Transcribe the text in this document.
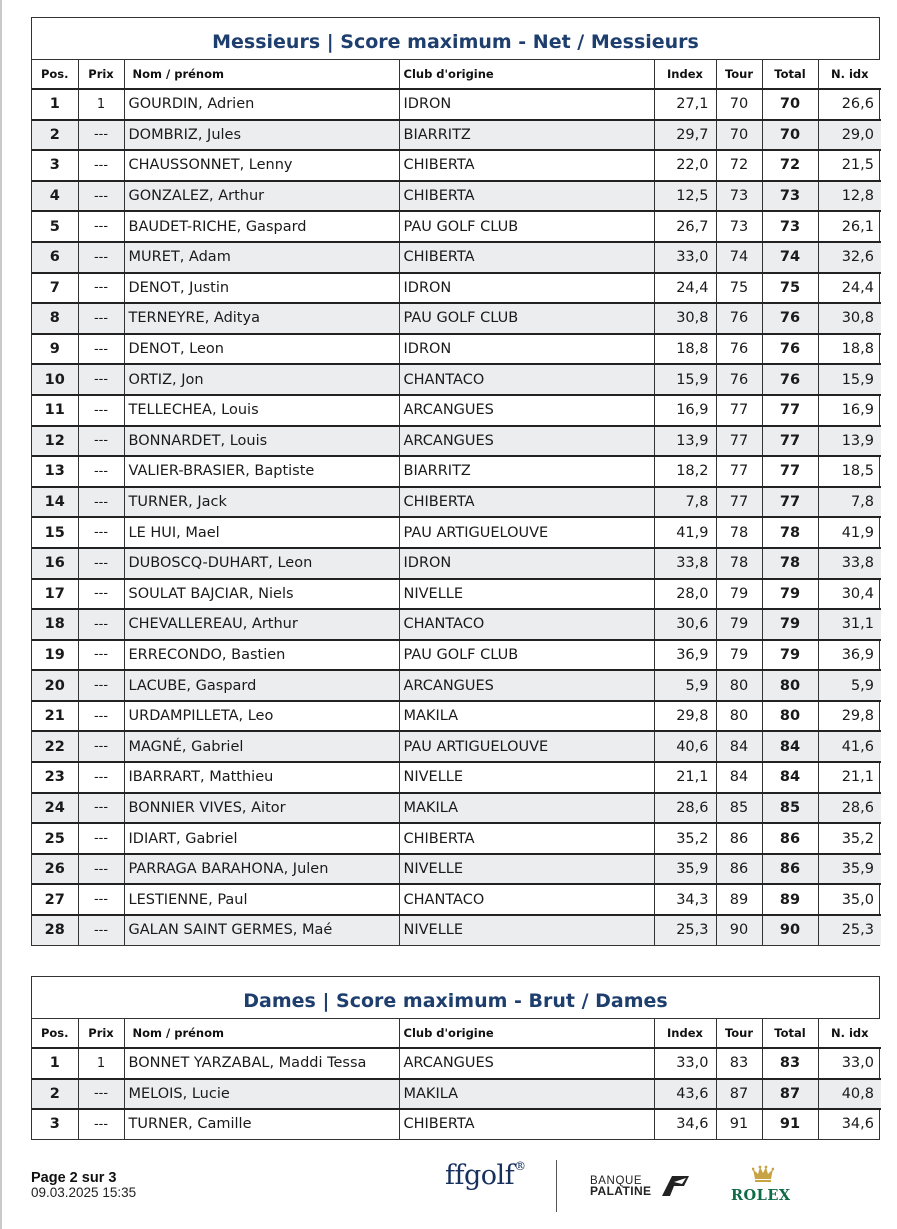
Messieurs | Score maximum - Net / Messieurs
Pos.	Prix	Nom / prénom	Club d'origine	Index	Tour	Total	N. idx
1	1	GOURDIN, Adrien	IDRON	27,1	70	70	26,6
2	---	DOMBRIZ, Jules	BIARRITZ	29,7	70	70	29,0
3	---	CHAUSSONNET, Lenny	CHIBERTA	22,0	72	72	21,5
4	---	GONZALEZ, Arthur	CHIBERTA	12,5	73	73	12,8
5	---	BAUDET-RICHE, Gaspard	PAU GOLF CLUB	26,7	73	73	26,1
6	---	MURET, Adam	CHIBERTA	33,0	74	74	32,6
7	---	DENOT, Justin	IDRON	24,4	75	75	24,4
8	---	TERNEYRE, Aditya	PAU GOLF CLUB	30,8	76	76	30,8
9	---	DENOT, Leon	IDRON	18,8	76	76	18,8
10	---	ORTIZ, Jon	CHANTACO	15,9	76	76	15,9
11	---	TELLECHEA, Louis	ARCANGUES	16,9	77	77	16,9
12	---	BONNARDET, Louis	ARCANGUES	13,9	77	77	13,9
13	---	VALIER-BRASIER, Baptiste	BIARRITZ	18,2	77	77	18,5
14	---	TURNER, Jack	CHIBERTA	7,8	77	77	7,8
15	---	LE HUI, Mael	PAU ARTIGUELOUVE	41,9	78	78	41,9
16	---	DUBOSCQ-DUHART, Leon	IDRON	33,8	78	78	33,8
17	---	SOULAT BAJCIAR, Niels	NIVELLE	28,0	79	79	30,4
18	---	CHEVALLEREAU, Arthur	CHANTACO	30,6	79	79	31,1
19	---	ERRECONDO, Bastien	PAU GOLF CLUB	36,9	79	79	36,9
20	---	LACUBE, Gaspard	ARCANGUES	5,9	80	80	5,9
21	---	URDAMPILLETA, Leo	MAKILA	29,8	80	80	29,8
22	---	MAGNÉ, Gabriel	PAU ARTIGUELOUVE	40,6	84	84	41,6
23	---	IBARRART, Matthieu	NIVELLE	21,1	84	84	21,1
24	---	BONNIER VIVES, Aitor	MAKILA	28,6	85	85	28,6
25	---	IDIART, Gabriel	CHIBERTA	35,2	86	86	35,2
26	---	PARRAGA BARAHONA, Julen	NIVELLE	35,9	86	86	35,9
27	---	LESTIENNE, Paul	CHANTACO	34,3	89	89	35,0
28	---	GALAN SAINT GERMES, Maé	NIVELLE	25,3	90	90	25,3
Dames | Score maximum - Brut / Dames
Pos.	Prix	Nom / prénom	Club d'origine	Index	Tour	Total	N. idx
1	1	BONNET YARZABAL, Maddi Tessa	ARCANGUES	33,0	83	83	33,0
2	---	MELOIS, Lucie	MAKILA	43,6	87	87	40,8
3	---	TURNER, Camille	CHIBERTA	34,6	91	91	34,6
Page 2 sur 3
09.03.2025 15:35
ffgolf®
BANQUE
PALATINE	ROLEX
